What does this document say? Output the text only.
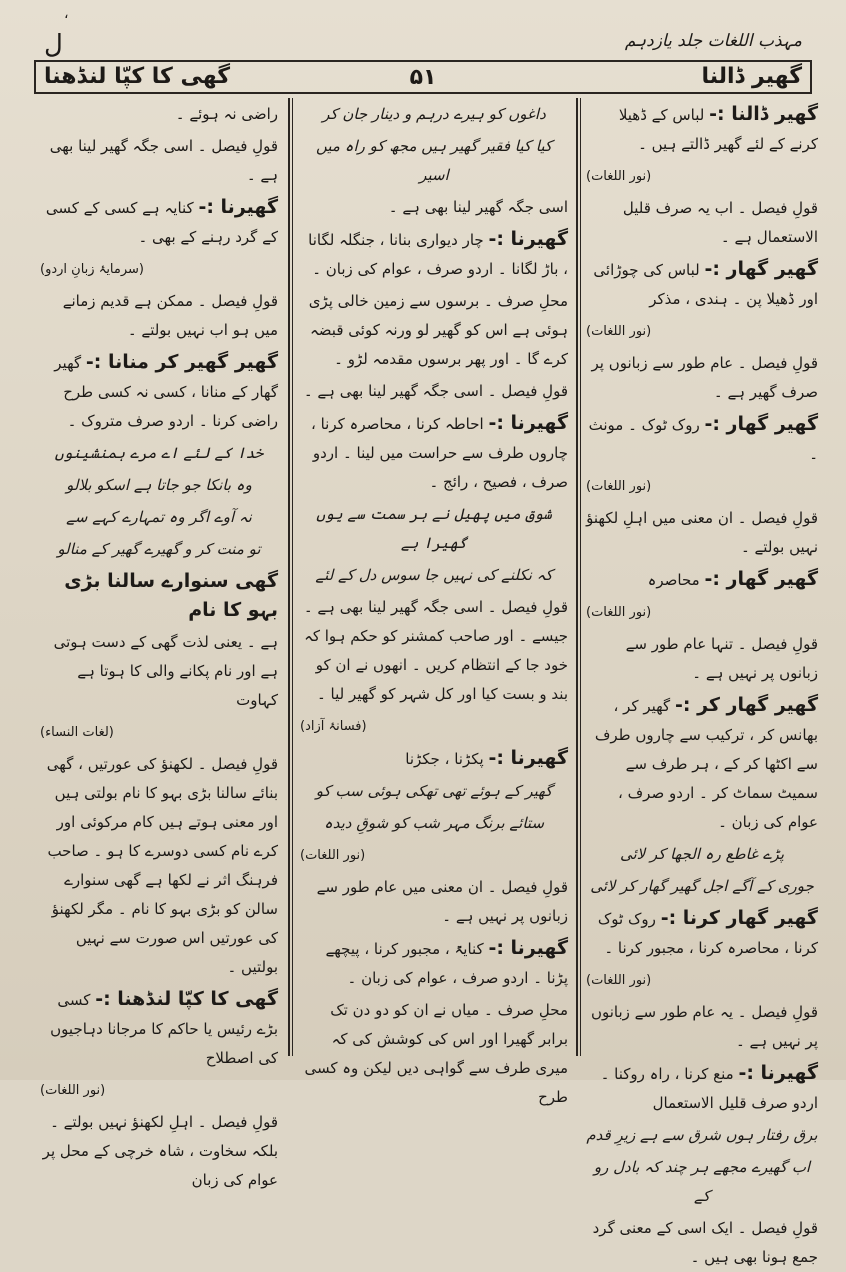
،
ل	مہذب اللغات جلد یازدہم
گھی کا کپّا لنڈھنا	۵۱	گھیر ڈالنا

گھیر ڈالنا :- لباس کے ڈھیلا کرنے کے لئے گھیر ڈالتے ہیں ۔

(نور اللغات)

قولِ فیصل ۔ اب یہ صرف قلیل الاستعمال ہے ۔

گھیر گھار :- لباس کی چوڑائی اور ڈھیلا پن ۔ ہندی ، مذکر

(نور اللغات)

قولِ فیصل ۔ عام طور سے زبانوں پر صرف گھیر ہے ۔

گھیر گھار :- روک ٹوک ۔ مونث ۔

(نور اللغات)

قولِ فیصل ۔ ان معنی میں اہلِ لکھنؤ نہیں بولتے ۔

گھیر گھار :- محاصرہ

(نور اللغات)

قولِ فیصل ۔ تنہا عام طور سے زبانوں پر نہیں ہے ۔

گھیر گھار کر :- گھیر کر ، بھانس کر ، ترکیب سے چاروں طرف سے اکٹھا کر کے ، ہر طرف سے سمیٹ سماٹ کر ۔ اردو صرف ، عوام کی زبان ۔

پڑے غاطع رہ الجھا کر لائی

جوری کے آگے اجل گھیر گھار کر لائی

گھیر گھار کرنا :- روک ٹوک کرنا ، محاصرہ کرنا ، مجبور کرنا ۔

(نور اللغات)

قولِ فیصل ۔ یہ عام طور سے زبانوں پر نہیں ہے ۔

گھیرنا :- منع کرنا ، راہ روکنا ۔ اردو صرف قلیل الاستعمال

برق رفتار ہوں شرق سے ہے زیرِ قدم

اب گھیرے مجھے ہر چند کہ بادل رو کے

قولِ فیصل ۔ ایک اسی کے معنی گرد جمع ہونا بھی ہیں ۔

داغوں کو ہیرے درہم و دینار جان کر

کیا کیا فقیر گھیر ہیں مجھ کو راہ میں اسیر

اسی جگہ گھیر لینا بھی ہے ۔

گھیرنا :- چار دیواری بنانا ، جنگلہ لگانا ، باڑ لگانا ۔ اردو صرف ، عوام کی زبان ۔

محلِ صرف ۔ برسوں سے زمین خالی پڑی ہوئی ہے اس کو گھیر لو ورنہ کوئی قبضہ کرے گا ۔ اور پھر برسوں مقدمہ لڑو ۔

قولِ فیصل ۔ اسی جگہ گھیر لینا بھی ہے ۔

گھیرنا :- احاطہ کرنا ، محاصرہ کرنا ، چاروں طرف سے حراست میں لینا ۔ اردو صرف ، فصیح ، رائج ۔

شوق میں پھیل نے ہر سمت سے یوں گھیرا ہے

کہ نکلنے کی نہیں جا سوس دل کے لئے

قولِ فیصل ۔ اسی جگہ گھیر لینا بھی ہے ۔ جیسے ۔ اور صاحب کمشنر کو حکم ہوا کہ خود جا کے انتظام کریں ۔ انھوں نے ان کو بند و بست کیا اور کل شہر کو گھیر لیا ۔

(فسانۂ آزاد)

گھیرنا :- پکڑنا ، جکڑنا

گھیر کے ہوئے تھی تھکی ہوئی سب کو

ستائے برنگ مہر شب کو شوقِ دیدہ

(نور اللغات)

قولِ فیصل ۔ ان معنی میں عام طور سے زبانوں پر نہیں ہے ۔

گھیرنا :- کنایۃً ، مجبور کرنا ، پیچھے پڑنا ۔ اردو صرف ، عوام کی زبان ۔

محلِ صرف ۔ میاں نے ان کو دو دن تک برابر گھیرا اور اس کی کوشش کی کہ میری طرف سے گواہی دیں لیکن وہ کسی طرح

راضی نہ ہوئے ۔

قولِ فیصل ۔ اسی جگہ گھیر لینا بھی ہے ۔

گھیرنا :- کنایہ ہے کسی کے کسی کے گرد رہنے کے بھی ۔

(سرمایۂ زبانِ اردو)

قولِ فیصل ۔ ممکن ہے قدیم زمانے میں ہو اب نہیں بولتے ۔

گھیر گھیر کر منانا :- گھیر گھار کے منانا ، کسی نہ کسی طرح راضی کرنا ۔ اردو صرف متروک ۔

خدا کے لئے اے مرے ہمنشینوں

وہ بانکا جو جاتا ہے اسکو بلالو

نہ آوے اگر وہ تمہارے کہے سے

تو منت کر و گھیرے گھیر کے منالو

گھی سنوارے سالنا بڑی بہو کا نام

ہے ۔ یعنی لذت گھی کے دست ہوتی ہے اور نام پکانے والی کا ہوتا ہے کہاوت

(لغات النساء)

قولِ فیصل ۔ لکھنؤ کی عورتیں ، گھی بنائے سالنا بڑی بہو کا نام بولتی ہیں اور معنی ہوتے ہیں کام مرکوئی اور کرے نام کسی دوسرے کا ہو ۔ صاحب فرہنگ اثر نے لکھا ہے گھی سنوارے سالن کو بڑی بہو کا نام ۔ مگر لکھنؤ کی عورتیں اس صورت سے نہیں بولتیں ۔

گھی کا کپّا لنڈھنا :- کسی بڑے رئیس یا حاکم کا مرجانا دہاجیوں کی اصطلاح

(نور اللغات)

قولِ فیصل ۔ اہلِ لکھنؤ نہیں بولتے ۔ بلکہ سخاوت ، شاہ خرچی کے محل پر عوام کی زبان
